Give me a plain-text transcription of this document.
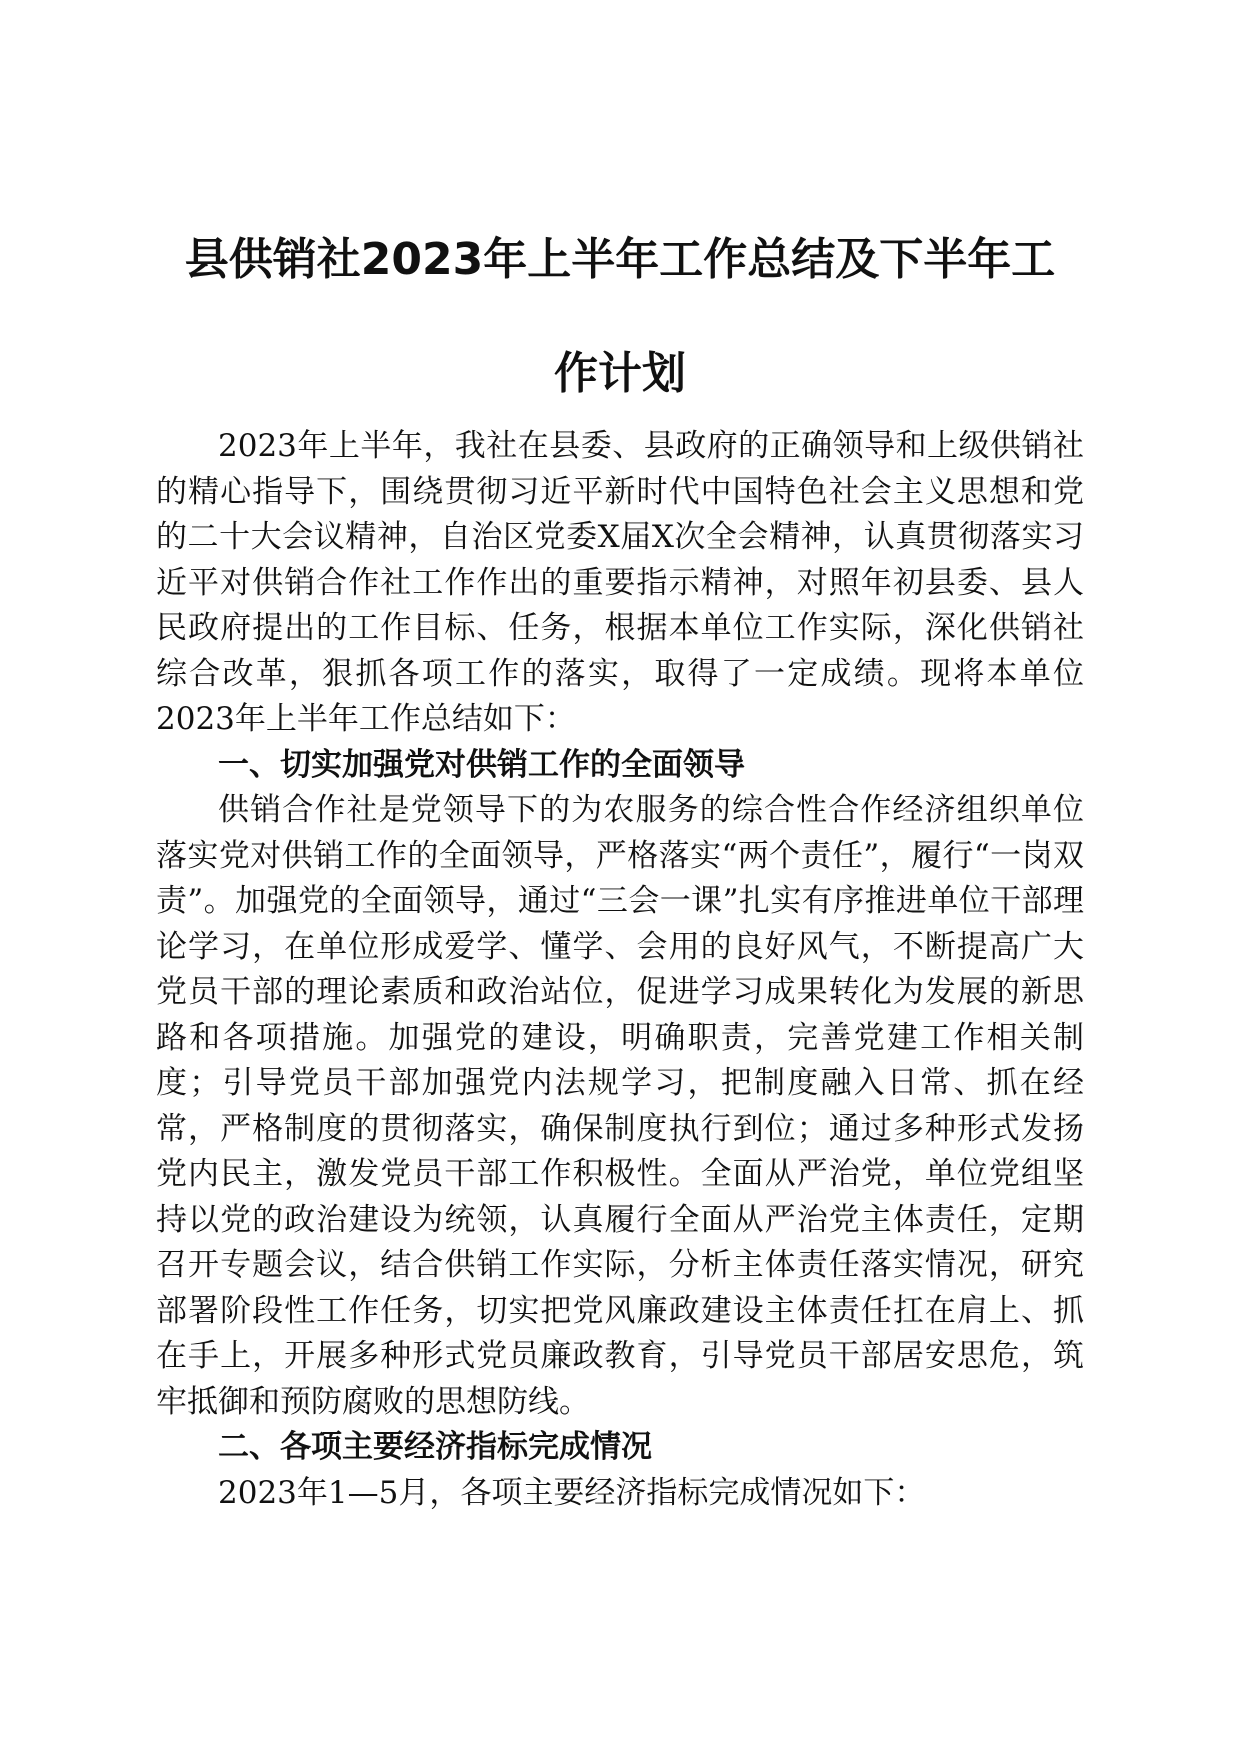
县供销社2023年上半年工作总结及下半年工
作计划

2023年上半年，我社在县委、县政府的正确领导和上级供销社的精心指导下，围绕贯彻习近平新时代中国特色社会主义思想和党的二十大会议精神，自治区党委X届X次全会精神，认真贯彻落实习近平对供销合作社工作作出的重要指示精神，对照年初县委、县人民政府提出的工作目标、任务，根据本单位工作实际，深化供销社综合改革，狠抓各项工作的落实，取得了一定成绩。现将本单位2023年上半年工作总结如下：

一、切实加强党对供销工作的全面领导

供销合作社是党领导下的为农服务的综合性合作经济组织单位落实党对供销工作的全面领导，严格落实“两个责任”，履行“一岗双责”。加强党的全面领导，通过“三会一课”扎实有序推进单位干部理论学习，在单位形成爱学、懂学、会用的良好风气，不断提高广大党员干部的理论素质和政治站位，促进学习成果转化为发展的新思路和各项措施。加强党的建设，明确职责，完善党建工作相关制度；引导党员干部加强党内法规学习，把制度融入日常、抓在经常，严格制度的贯彻落实，确保制度执行到位；通过多种形式发扬党内民主，激发党员干部工作积极性。全面从严治党，单位党组坚持以党的政治建设为统领，认真履行全面从严治党主体责任，定期召开专题会议，结合供销工作实际，分析主体责任落实情况，研究部署阶段性工作任务，切实把党风廉政建设主体责任扛在肩上、抓在手上，开展多种形式党员廉政教育，引导党员干部居安思危，筑牢抵御和预防腐败的思想防线。

二、各项主要经济指标完成情况

2023年1—5月，各项主要经济指标完成情况如下：
